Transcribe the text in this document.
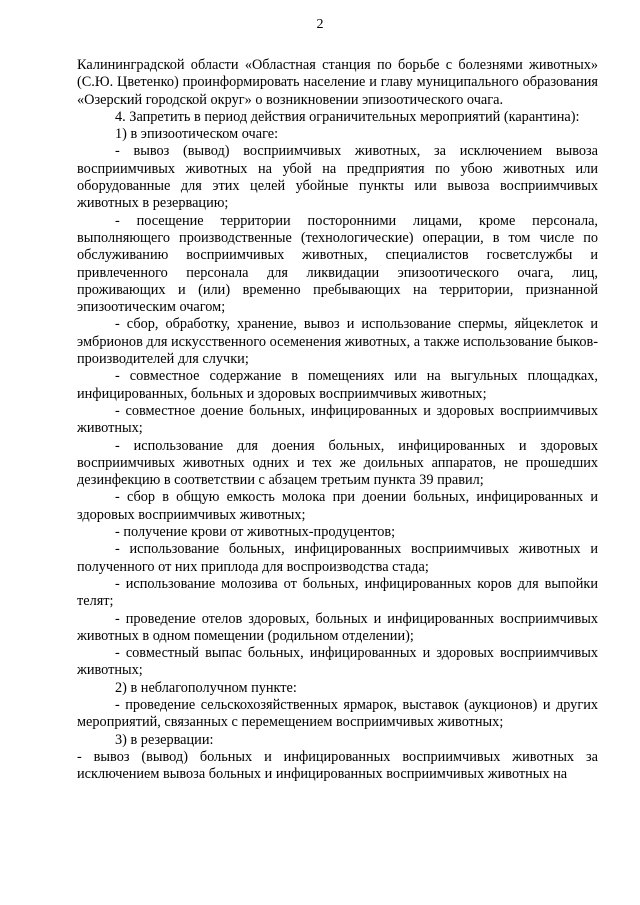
2

Калининградской области «Областная станция по борьбе с болезнями животных» (С.Ю. Цветенко) проинформировать население и главу муниципального образования «Озерский городской округ» о возникновении эпизоотического очага.

4. Запретить в период действия ограничительных мероприятий (карантина):

1) в эпизоотическом очаге:

- вывоз (вывод) восприимчивых животных, за исключением вывоза восприимчивых животных на убой на предприятия по убою животных или оборудованные для этих целей убойные пункты или вывоза восприимчивых животных в резервацию;

- посещение территории посторонними лицами, кроме персонала, выполняющего производственные (технологические) операции, в том числе по обслуживанию восприимчивых животных, специалистов госветслужбы и привлеченного персонала для ликвидации эпизоотического очага, лиц, проживающих и (или) временно пребывающих на территории, признанной эпизоотическим очагом;

- сбор, обработку, хранение, вывоз и использование спермы, яйцеклеток и эмбрионов для искусственного осеменения животных, а также использование быков-производителей для случки;

- совместное содержание в помещениях или на выгульных площадках, инфицированных, больных и здоровых восприимчивых животных;

- совместное доение больных, инфицированных и здоровых восприимчивых животных;

- использование для доения больных, инфицированных и здоровых восприимчивых животных одних и тех же доильных аппаратов, не прошедших дезинфекцию в соответствии с абзацем третьим пункта 39 правил;

- сбор в общую емкость молока при доении больных, инфицированных и здоровых восприимчивых животных;

- получение крови от животных-продуцентов;

- использование больных, инфицированных восприимчивых животных и полученного от них приплода для воспроизводства стада;

- использование молозива от больных, инфицированных коров для выпойки телят;

- проведение отелов здоровых, больных и инфицированных восприимчивых животных в одном помещении (родильном отделении);

- совместный выпас больных, инфицированных и здоровых восприимчивых животных;

2) в неблагополучном пункте:

- проведение сельскохозяйственных ярмарок, выставок (аукционов) и других мероприятий, связанных с перемещением восприимчивых животных;

3) в резервации:

- вывоз (вывод) больных и инфицированных восприимчивых животных за исключением вывоза больных и инфицированных восприимчивых животных на
